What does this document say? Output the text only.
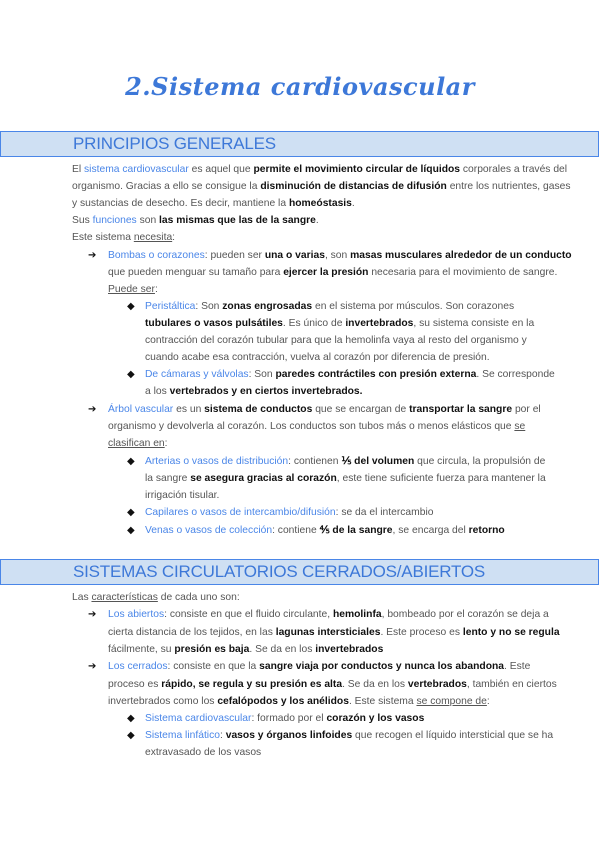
2.Sistema cardiovascular
PRINCIPIOS GENERALES
El sistema cardiovascular es aquel que permite el movimiento circular de líquidos corporales a través del
organismo. Gracias a ello se consigue la disminución de distancias de difusión entre los nutrientes, gases
y sustancias de desecho. Es decir, mantiene la homeóstasis.
Sus funciones son las mismas que las de la sangre.
Este sistema necesita:
➔ Bombas o corazones: pueden ser una o varias, son masas musculares alrededor de un conducto
que pueden menguar su tamaño para ejercer la presión necesaria para el movimiento de sangre.
Puede ser:
◆ Peristáltica: Son zonas engrosadas en el sistema por músculos. Son corazones
tubulares o vasos pulsátiles. Es único de invertebrados, su sistema consiste en la
contracción del corazón tubular para que la hemolinfa vaya al resto del organismo y
cuando acabe esa contracción, vuelva al corazón por diferencia de presión.
◆ De cámaras y válvolas: Son paredes contráctiles con presión externa. Se corresponde
a los vertebrados y en ciertos invertebrados.
➔ Árbol vascular es un sistema de conductos que se encargan de transportar la sangre por el
organismo y devolverla al corazón. Los conductos son tubos más o menos elásticos que se
clasifican en:
◆ Arterias o vasos de distribución: contienen ⅕ del volumen que circula, la propulsión de
la sangre se asegura gracias al corazón, este tiene suficiente fuerza para mantener la
irrigación tisular.
◆ Capilares o vasos de intercambio/difusión: se da el intercambio
◆ Venas o vasos de colección: contiene ⅘ de la sangre, se encarga del retorno
SISTEMAS CIRCULATORIOS CERRADOS/ABIERTOS
Las características de cada uno son:
➔ Los abiertos: consiste en que el fluido circulante, hemolinfa, bombeado por el corazón se deja a
cierta distancia de los tejidos, en las lagunas intersticiales. Este proceso es lento y no se regula
fácilmente, su presión es baja. Se da en los invertebrados
➔ Los cerrados: consiste en que la sangre viaja por conductos y nunca los abandona. Este
proceso es rápido, se regula y su presión es alta. Se da en los vertebrados, también en ciertos
invertebrados como los cefalópodos y los anélidos. Este sistema se compone de:
◆ Sistema cardiovascular: formado por el corazón y los vasos
◆ Sistema linfático: vasos y órganos linfoides que recogen el líquido intersticial que se ha
extravasado de los vasos
